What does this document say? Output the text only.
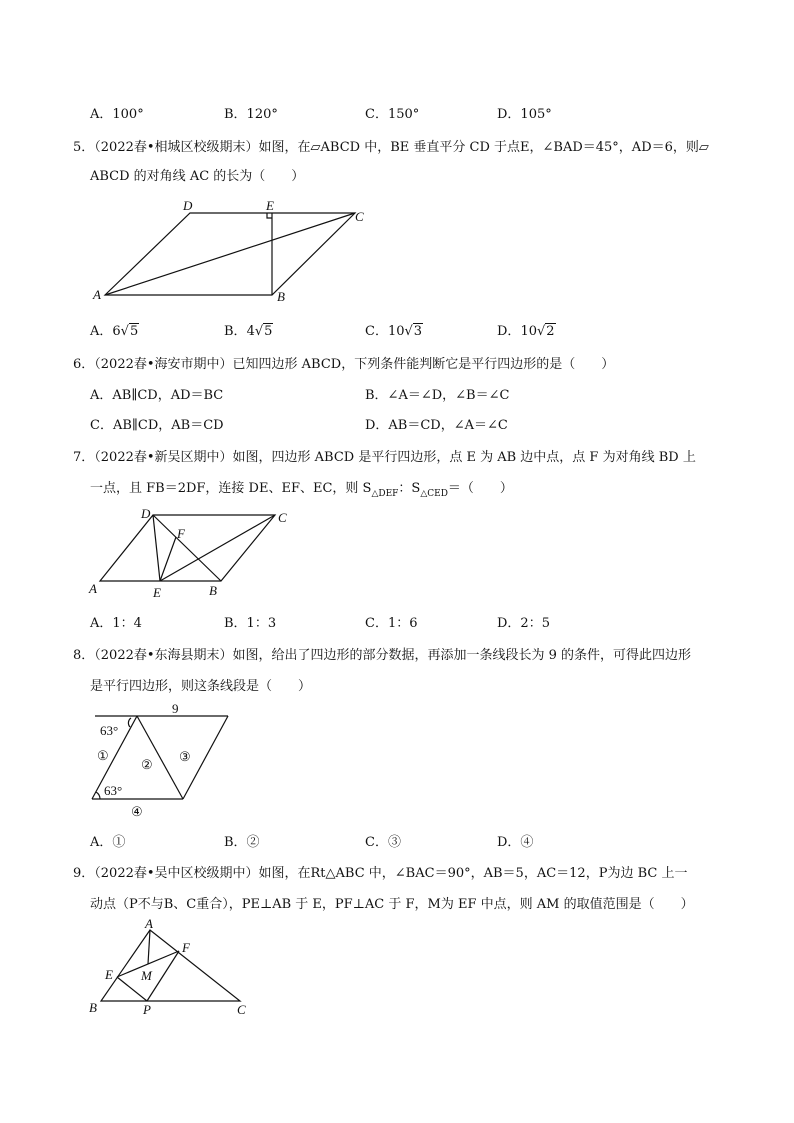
A．100°	B．120°	C．150°	D．105°
5．（2022春•相城区校级期末）如图，在▱ABCD 中，BE 垂直平分 CD 于点E，∠BAD＝45°，AD＝6，则▱
ABCD 的对角线 AC 的长为（　　）
D	E
C
A	B
A．6√5	B．4√5	C．10√3	D．10√2
6．（2022春•海安市期中）已知四边形 ABCD，下列条件能判断它是平行四边形的是（　　）
A．AB∥CD，AD＝BC	B．∠A＝∠D，∠B＝∠C
C．AB∥CD，AB＝CD	D．AB＝CD，∠A＝∠C
7．（2022春•新吴区期中）如图，四边形 ABCD 是平行四边形，点 E 为 AB 边中点，点 F 为对角线 BD 上
一点，且 FB＝2DF，连接 DE、EF、EC，则 $S_{\triangle DEF}$：$S_{\triangle CED}=$（　　）
D	C
F
A	E	B
A．1：4	B．1：3	C．1：6	D．2：5
8．（2022春•东海县期末）如图，给出了四边形的部分数据，再添加一条线段长为 9 的条件，可得此四边形
是平行四边形，则这条线段是（　　）
9
63°
①
②
③
63°
④
A．①	B．②	C．③	D．④
9．（2022春•吴中区校级期中）如图，在Rt△ABC 中，∠BAC＝90°，AB＝5，AC＝12，P为边 BC 上一
动点（P不与B、C重合），PE⊥AB 于 E，PF⊥AC 于 F，M为 EF 中点，则 AM 的取值范围是（　　）
A
F
E M
B	P	C
